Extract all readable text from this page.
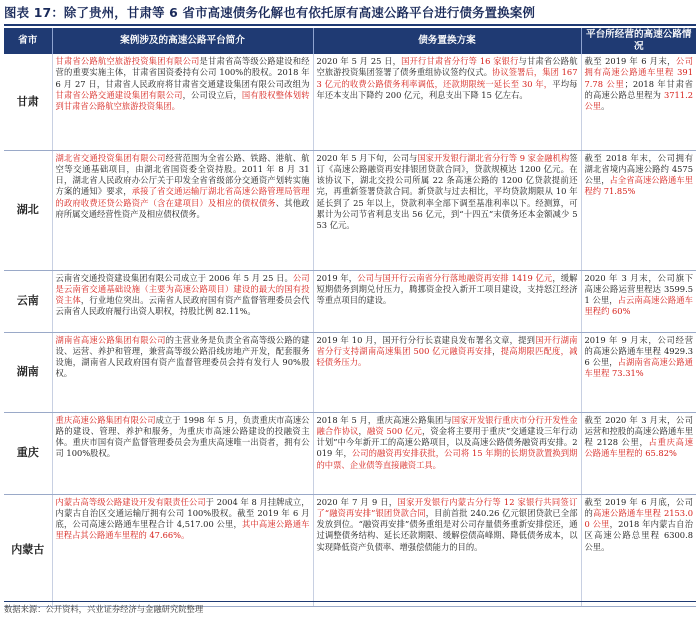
图表 17：除了贵州，甘肃等 6 省市高速债务化解也有依托原有高速公路平台进行债务置换案例
省市	案例涉及的高速公路平台简介	债务置换方案	平台所经营的高速公路情况
甘肃	甘肃省公路航空旅游投资集团有限公司是甘肃省高等级公路建设和经营的重要实施主体，甘肃省国资委持有公司 100%的股权。2018 年 6 月 27 日，甘肃省人民政府将甘肃省交通建设集团有限公司改组为甘肃省公路交通建设集团有限公司，公司设立后，国有股权整体划转到甘肃省公路航空旅游投资集团。	2020 年 5 月 25 日，国开行甘肃省分行等 16 家银行与甘肃省公路航空旅游投资集团签署了债务重组协议签约仪式。协议签署后，集团 1673 亿元的收费公路债务利率调低，还款期限统一延长至 30 年，平均每年还本支出下降约 200 亿元，利息支出下降 15 亿左右。	截至 2019 年 6 月末，公司拥有高速公路通车里程 3917.78 公里；2018 年甘肃省的高速公路总里程为 3711.2 公里。
湖北	湖北省交通投资集团有限公司经营范围为全省公路、铁路、港航、航空等交通基础项目，由湖北省国资委全资持股。2011 年 8 月 31 日，湖北省人民政府办公厅关于印发全省省级部分交通资产划转实施方案的通知》要求，承接了省交通运输厅湖北省高速公路管理局管理的政府收费还贷公路资产（含在建项目）及相应的债权债务、其他政府所属交通经营性资产及相应债权债务。	2020 年 5 月下旬，公司与国家开发银行湖北省分行等 9 家金融机构签订《高速公路融资再安排银团贷款合同》，贷款规模达 1200 亿元。在该协议下，湖北交投公司所属 22 条高速公路的 1200 亿贷款提前还完，再重新签署贷款合同。新贷款与过去相比，平均贷款期限从 10 年延长到了 25 年以上，贷款利率全部下调至基准利率以下。经测算，可累计为公司节省利息支出 56 亿元，到“十四五”末债务还本金额减少 553 亿元。	截至 2018 年末，公司拥有湖北省境内高速公路约 4575 公里，占全省高速公路通车里程约 71.85%
云南	云南省交通投资建设集团有限公司成立于 2006 年 5 月 25 日。公司是云南省交通基础设施（主要为高速公路项目）建设的最大的国有投资主体，行业地位突出。云南省人民政府国有资产监督管理委员会代云南省人民政府履行出资人职权，持股比例 82.11%。	2019 年，公司与国开行云南省分行落地融资再安排 1419 亿元，缓解短期债务到期兑付压力，腾挪资金投入新开工项目建设，支持怒江经济等重点项目的建设。	2020 年 3 月末，公司旗下高速公路运营里程达 3599.51 公里，占云南高速公路通车里程约 60%
湖南	湖南省高速公路集团有限公司的主营业务是负责全省高等级公路的建设、运营、养护和管理，兼营高等级公路沿线房地产开发，配套服务设施，湖南省人民政府国有资产监督管理委员会持有发行人 90%股权。	2019 年 10 月，国开行分行长袁建良发布署名文章，提到国开行湖南省分行支持湖南高速集团 500 亿元融资再安排，提高期限匹配度，减轻债务压力。	2019 年 9 月末，公司经营的高速公路通车里程 4929.36 公里，占湖南省高速公路通车里程 73.31%
重庆	重庆高速公路集团有限公司成立于 1998 年 5 月，负责重庆市高速公路的建设、管理、养护和服务，为重庆市高速公路建设的投融资主体。重庆市国有资产监督管理委员会为重庆高速唯一出资者，拥有公司 100%股权。	2018 年 5 月，重庆高速公路集团与国家开发银行重庆市分行开发性金融合作协议，融资 500 亿元，资金将主要用于重庆“交通建设三年行动计划”中今年新开工的高速公路项目，以及高速公路债务融资再安排。2019 年，公司的融资再安排获批，公司将 15 年期的长期贷款置换到期的中票、企业债等直接融资工具。	截至 2020 年 3 月末，公司运营和控股的高速公路通车里程 2128 公里，占重庆高速公路通车里程的 65.82%
内蒙古	内蒙古高等级公路建设开发有限责任公司于 2004 年 8 月挂牌成立，内蒙古自治区交通运输厅拥有公司 100%股权。截至 2019 年 6 月底，公司高速公路通车里程合计 4,517.00 公里，其中高速公路通车里程占其公路通车里程的 47.66%。	2020 年 7 月 9 日，国家开发银行内蒙古分行等 12 家银行共同签订了“融资再安排”银团贷款合同，目前首批 240.26 亿元银团贷款已全部发放到位。“融资再安排”债务重组是对公司存量债务重新安排偿还，通过调整债务结构、延长还款期限、缓解偿债高峰期、降低债务成本，以实现降低资产负债率、增强偿债能力的目的。	截至 2019 年 6 月底，公司的高速公路通车里程 2153.00 公里，2018 年内蒙古自治区高速公路总里程 6300.8 公里。
数据来源：公开资料，兴业证券经济与金融研究院整理
